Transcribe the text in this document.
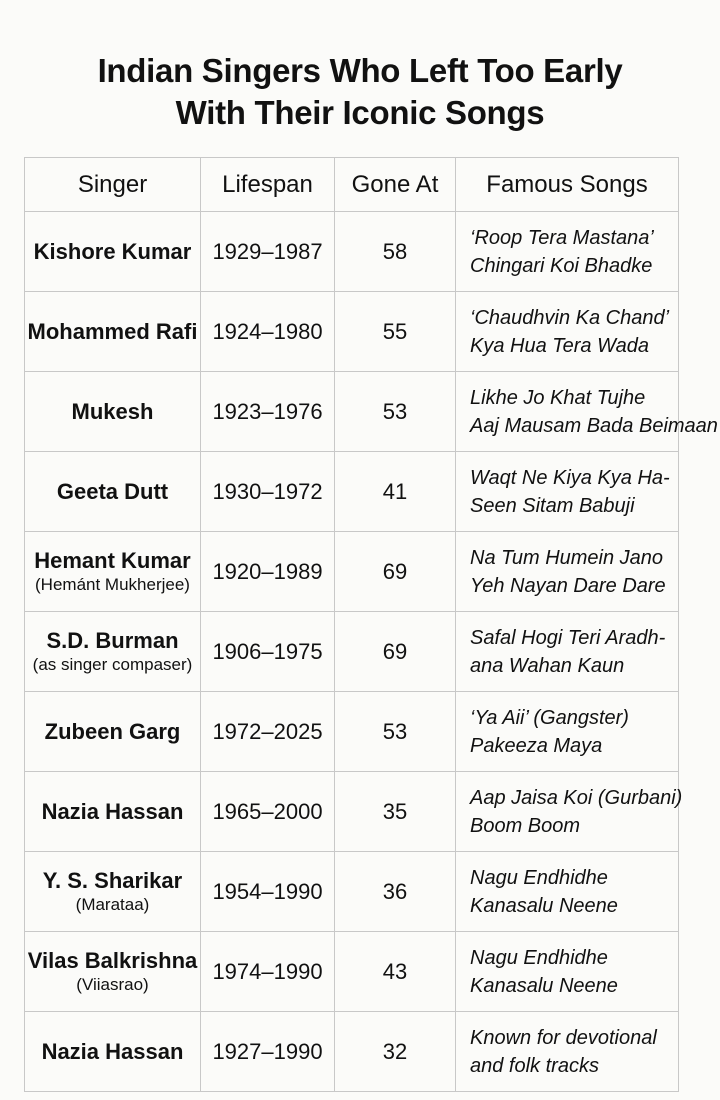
Indian Singers Who Left Too Early
With Their Iconic Songs
Singer	Lifespan	Gone At	Famous Songs
Kishore Kumar	1929–1987	58	‘Roop Tera Mastana’
Chingari Koi Bhadke
Mohammed Rafi	1924–1980	55	‘Chaudhvin Ka Chand’
Kya Hua Tera Wada
Mukesh	1923–1976	53	Likhe Jo Khat Tujhe
Aaj Mausam Bada Beimaan
Geeta Dutt	1930–1972	41	Waqt Ne Kiya Kya Ha-
Seen Sitam Babuji
Hemant Kumar
(Hemánt Mukherjee)
	1920–1989	69	Na Tum Humein Jano
Yeh Nayan Dare Dare
S.D. Burman
(as singer compaser)
	1906–1975	69	Safal Hogi Teri Aradh-
ana Wahan Kaun
Zubeen Garg	1972–2025	53	‘Ya Aii’ (Gangster)
Pakeeza Maya
Nazia Hassan	1965–2000	35	Aap Jaisa Koi (Gurbani)
Boom Boom
Y. S. Sharikar
(Marataa)
	1954–1990	36	Nagu Endhidhe
Kanasalu Neene
Vilas Balkrishna
(Viiasrao)
	1974–1990	43	Nagu Endhidhe
Kanasalu Neene
Nazia Hassan	1927–1990	32	Known for devotional
and folk tracks
